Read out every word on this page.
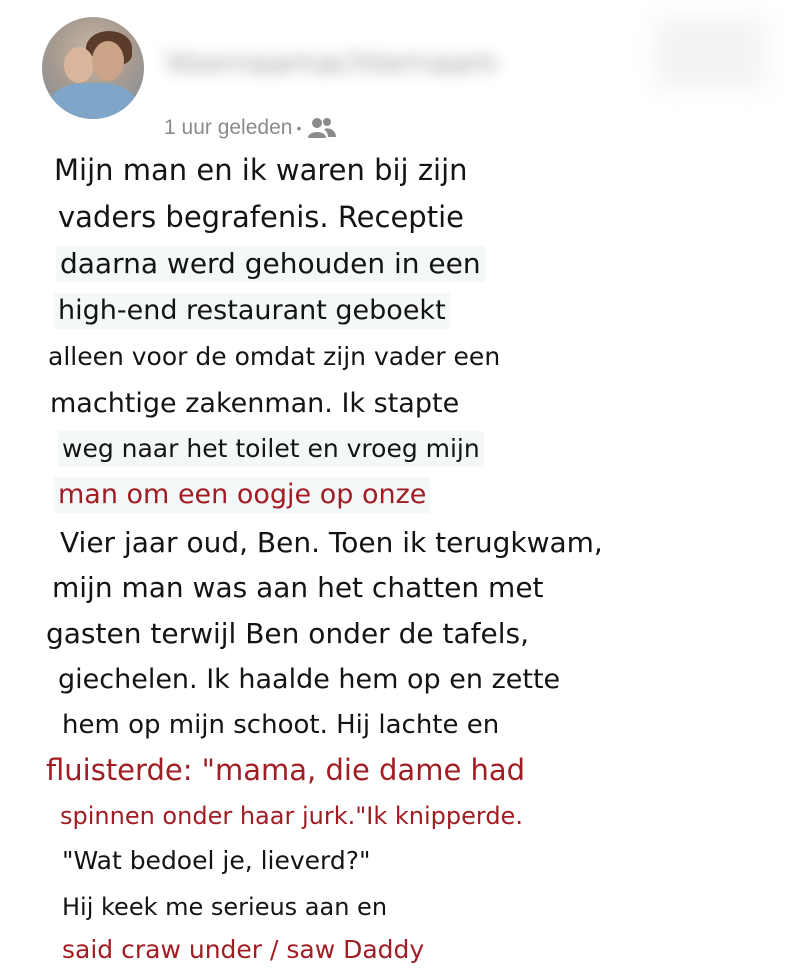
Voornaamachternaam
1 uur geleden •
Mijn man en ik waren bij zijn
vaders begrafenis. Receptie
daarna werd gehouden in een
high-end restaurant geboekt
alleen voor de omdat zijn vader een
machtige zakenman. Ik stapte
weg naar het toilet en vroeg mijn
man om een oogje op onze
Vier jaar oud, Ben. Toen ik terugkwam,
mijn man was aan het chatten met
gasten terwijl Ben onder de tafels,
giechelen. Ik haalde hem op en zette
hem op mijn schoot. Hij lachte en
fluisterde: "mama, die dame had
spinnen onder haar jurk."Ik knipperde.
"Wat bedoel je, lieverd?"
Hij keek me serieus aan en
said craw under / saw Daddy
